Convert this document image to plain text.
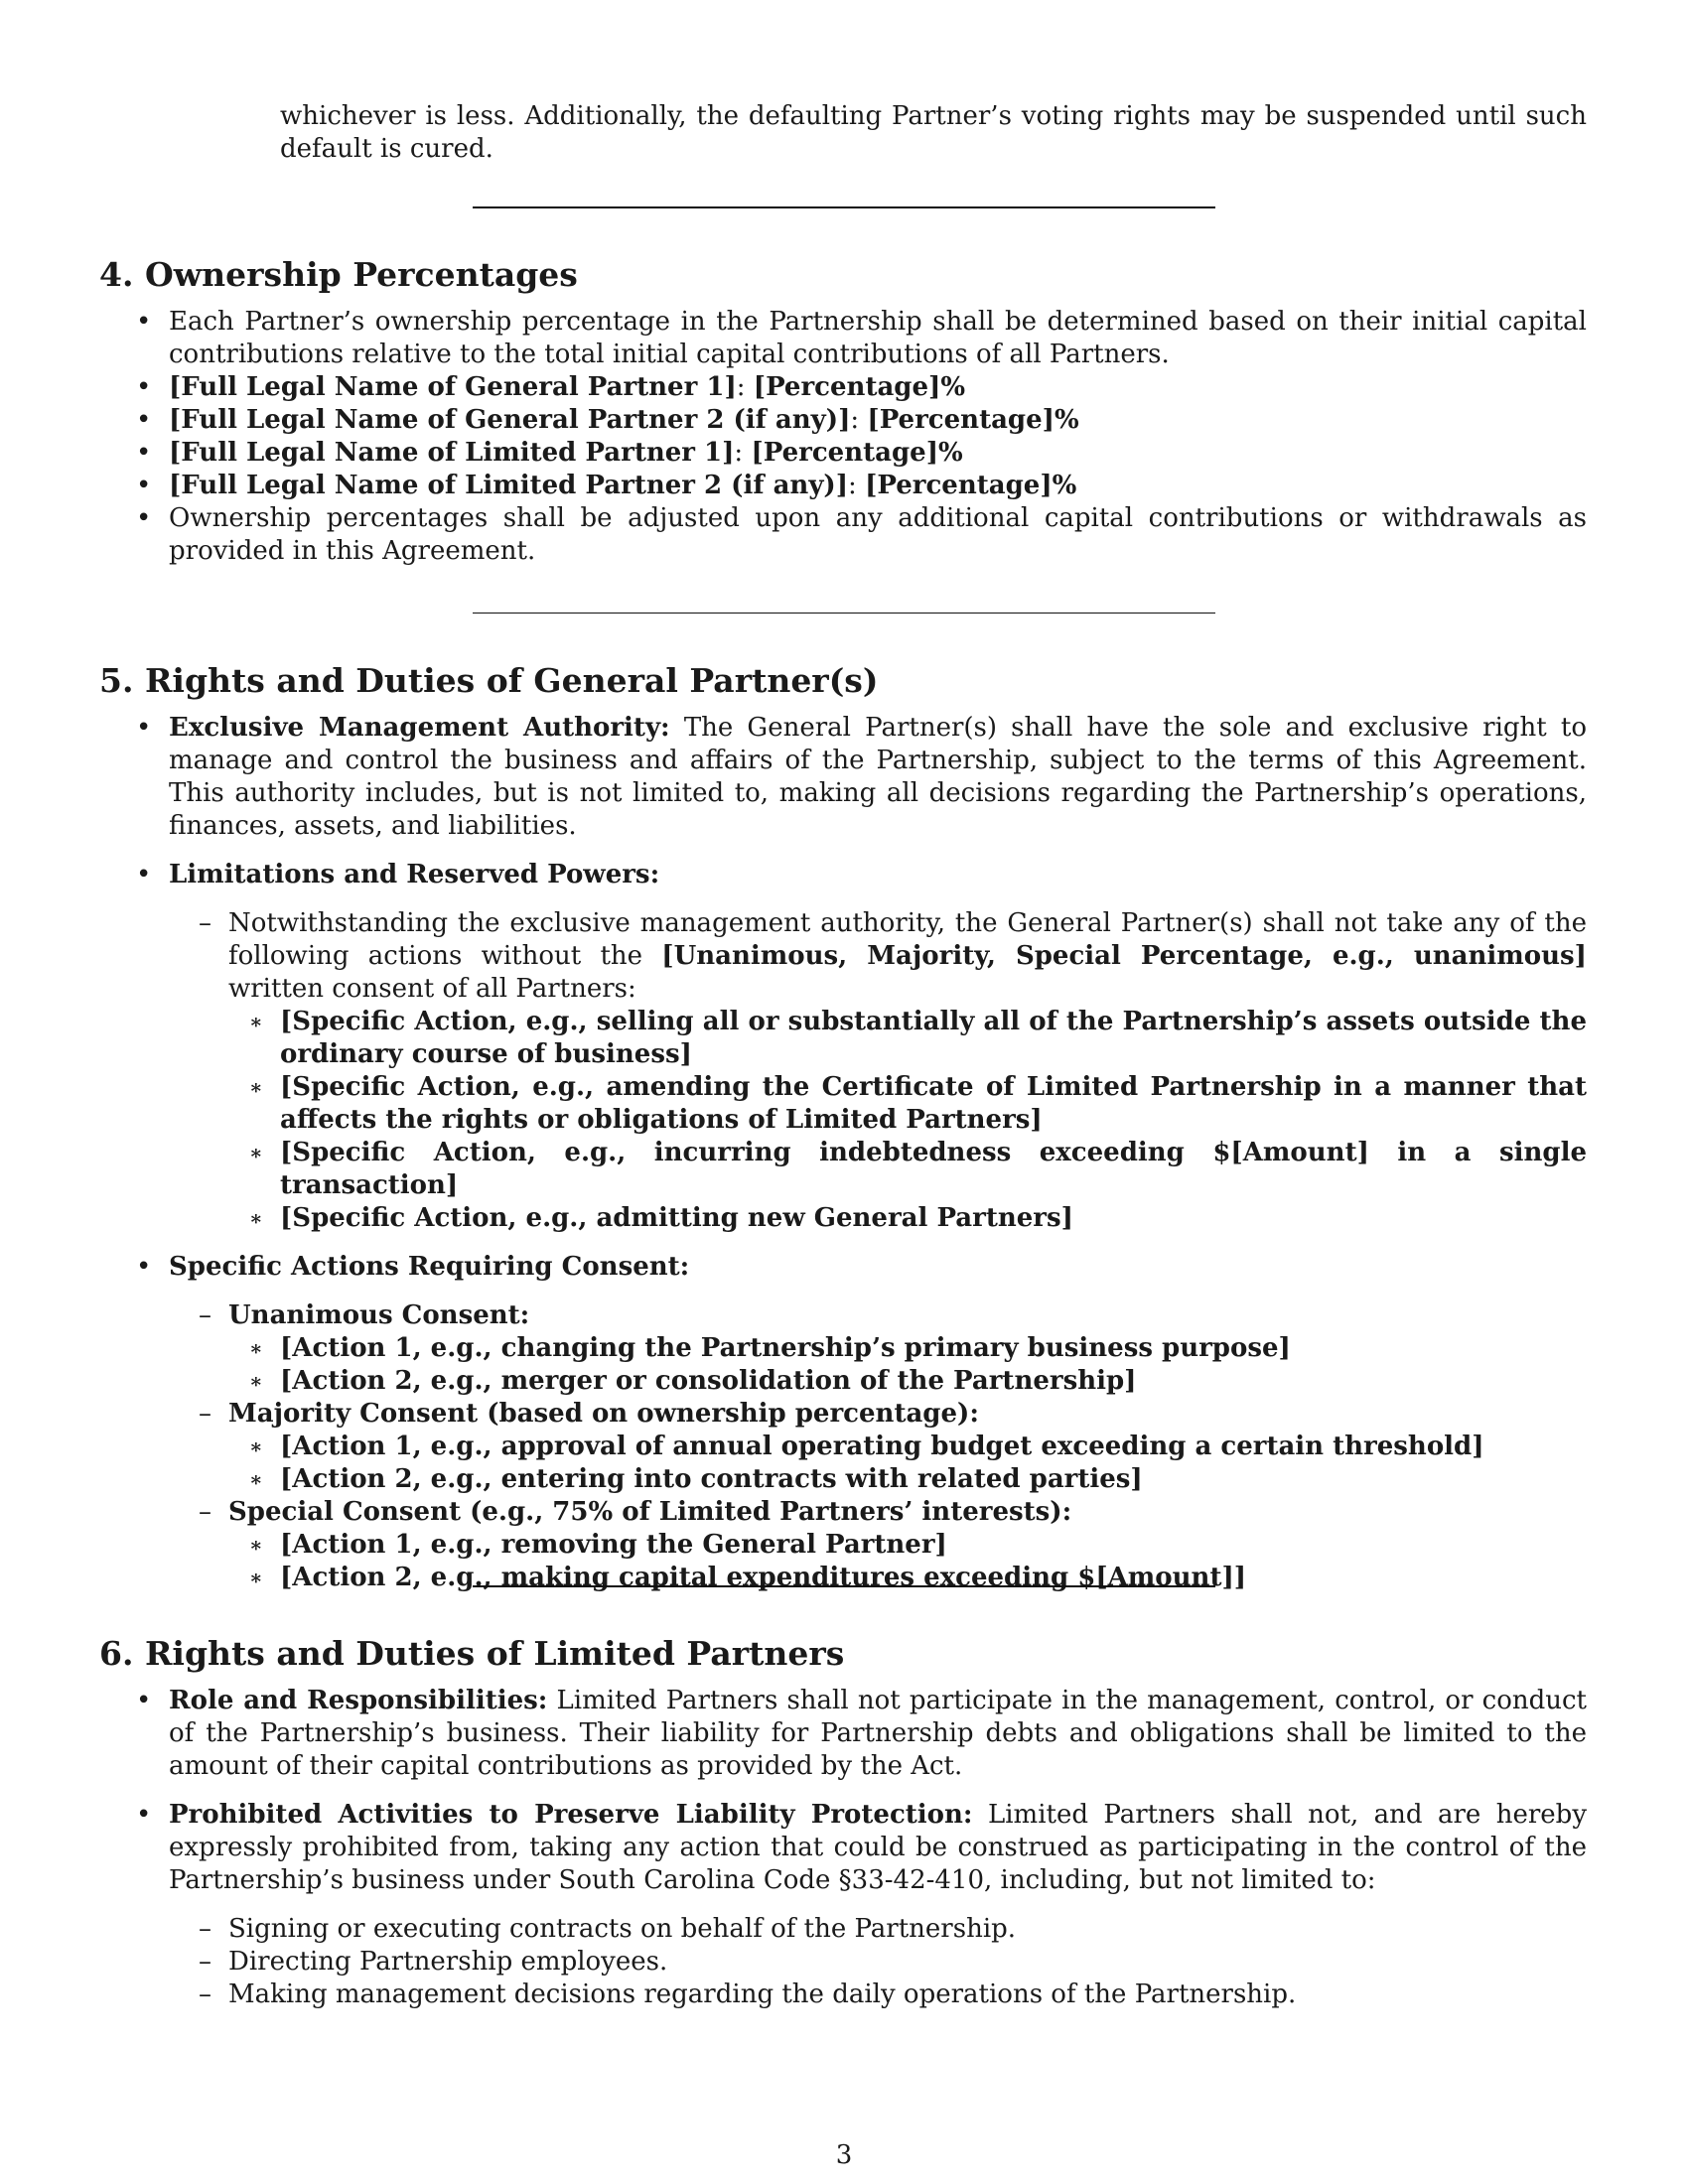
whichever is less. Additionally, the defaulting Partner’s voting rights may be suspended until such default is cured.

4. Ownership Percentages
• Each Partner’s ownership percentage in the Partnership shall be determined based on their initial capital contributions relative to the total initial capital contributions of all Partners.
• [Full Legal Name of General Partner 1]: [Percentage]%
• [Full Legal Name of General Partner 2 (if any)]: [Percentage]%
• [Full Legal Name of Limited Partner 1]: [Percentage]%
• [Full Legal Name of Limited Partner 2 (if any)]: [Percentage]%
• Ownership percentages shall be adjusted upon any additional capital contributions or withdrawals as provided in this Agreement.
5. Rights and Duties of General Partner(s)
• Exclusive Management Authority: The General Partner(s) shall have the sole and exclusive right to manage and control the business and affairs of the Partnership, subject to the terms of this Agreement. This authority includes, but is not limited to, making all decisions regarding the Partnership’s operations, finances, assets, and liabilities.
• Limitations and Reserved Powers:
– Notwithstanding the exclusive management authority, the General Partner(s) shall not take any of the following actions without the [Unanimous, Majority, Special Percentage, e.g., unanimous] written consent of all Partners:
∗ [Specific Action, e.g., selling all or substantially all of the Partnership’s assets outside the ordinary course of business]
∗ [Specific Action, e.g., amending the Certificate of Limited Partnership in a manner that affects the rights or obligations of Limited Partners]
∗ [Specific Action, e.g., incurring indebtedness exceeding $[Amount] in a single transaction]
∗ [Specific Action, e.g., admitting new General Partners]
• Specific Actions Requiring Consent:
– Unanimous Consent:
∗ [Action 1, e.g., changing the Partnership’s primary business purpose]
∗ [Action 2, e.g., merger or consolidation of the Partnership]
– Majority Consent (based on ownership percentage):
∗ [Action 1, e.g., approval of annual operating budget exceeding a certain threshold]
∗ [Action 2, e.g., entering into contracts with related parties]
– Special Consent (e.g., 75% of Limited Partners’ interests):
∗ [Action 1, e.g., removing the General Partner]
∗ [Action 2, e.g., making capital expenditures exceeding $[Amount]]
6. Rights and Duties of Limited Partners
• Role and Responsibilities: Limited Partners shall not participate in the management, control, or conduct of the Partnership’s business. Their liability for Partnership debts and obligations shall be limited to the amount of their capital contributions as provided by the Act.
• Prohibited Activities to Preserve Liability Protection: Limited Partners shall not, and are hereby expressly prohibited from, taking any action that could be construed as participating in the control of the Partnership’s business under South Carolina Code §33-42-410, including, but not limited to:
– Signing or executing contracts on behalf of the Partnership.
– Directing Partnership employees.
– Making management decisions regarding the daily operations of the Partnership.
3
